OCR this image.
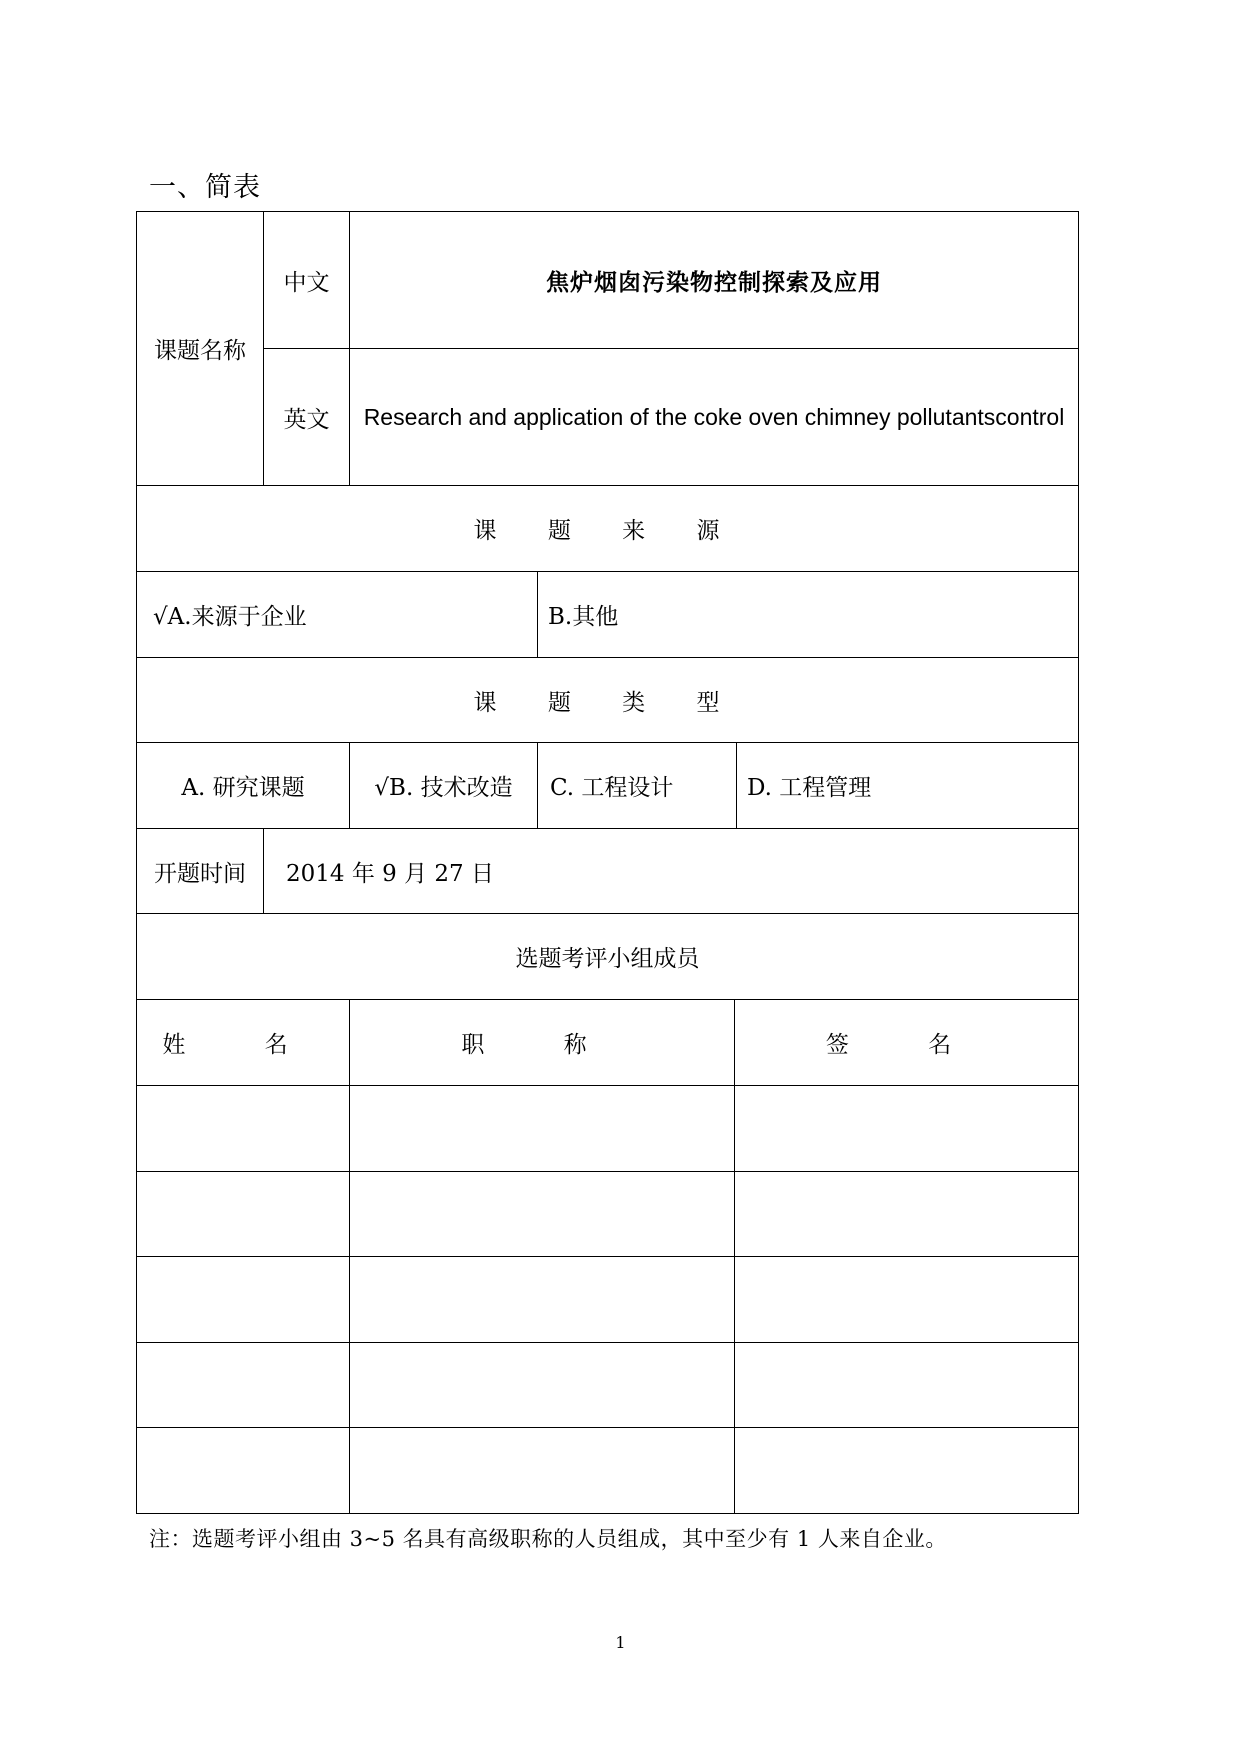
一、简表
课题名称	中文	焦炉烟囱污染物控制探索及应用			
	英文	Research and application of the coke oven chimney pollutantscontrol			
课 题 来 源					
√A.来源于企业			B.其他		
课 题 类 型					
A. 研究课题		√B. 技术改造	C. 工程设计		D. 工程管理
开题时间	2014 年 9 月 27 日				
选题考评小组成员					
姓 名		职 称		签 名	

注：选题考评小组由 3~5 名具有高级职称的人员组成，其中至少有 1 人来自企业。
1
